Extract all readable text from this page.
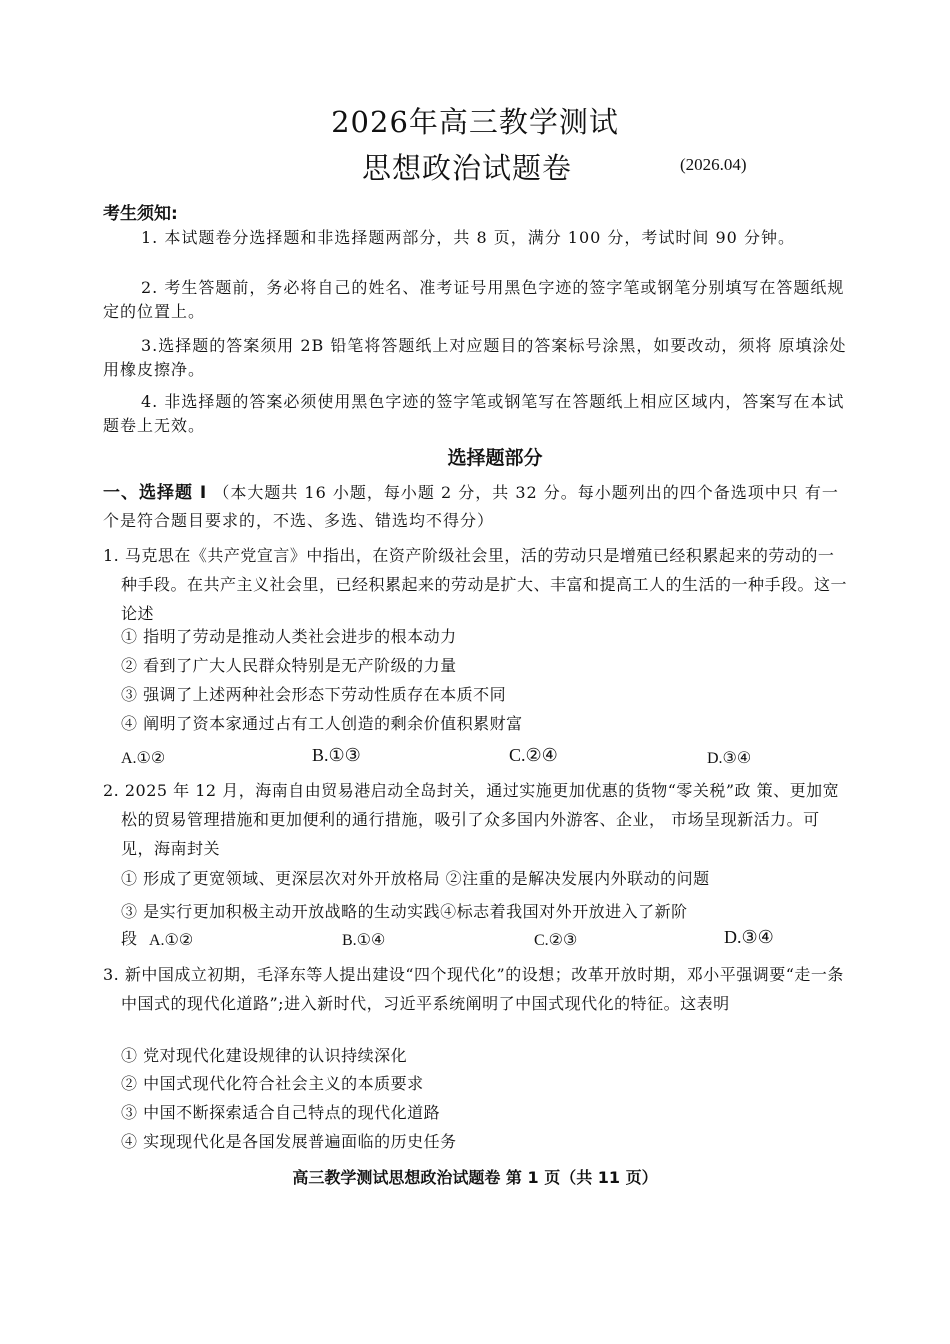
2026年高三教学测试
思想政治试题卷	(2026.04)
考生须知:
1. 本试题卷分选择题和非选择题两部分，共 8 页，满分 100 分，考试时间 90 分钟。
2. 考生答题前，务必将自己的姓名、准考证号用黑色字迹的签字笔或钢笔分别填写在答题纸规定的位置上。
3.选择题的答案须用 2B 铅笔将答题纸上对应题目的答案标号涂黑，如要改动，须将 原填涂处用橡皮擦净。
4. 非选择题的答案必须使用黑色字迹的签字笔或钢笔写在答题纸上相应区域内，答案写在本试题卷上无效。
选择题部分
一、选择题 I （本大题共 16 小题，每小题 2 分，共 32 分。每小题列出的四个备选项中只 有一个是符合题目要求的，不选、多选、错选均不得分）
1. 马克思在《共产党宣言》中指出，在资产阶级社会里，活的劳动只是增殖已经积累起来的劳动的一种手段。在共产主义社会里，已经积累起来的劳动是扩大、丰富和提高工人的生活的一种手段。这一论述
① 指明了劳动是推动人类社会进步的根本动力
② 看到了广大人民群众特别是无产阶级的力量
③ 强调了上述两种社会形态下劳动性质存在本质不同
④ 阐明了资本家通过占有工人创造的剩余价值积累财富
A.①②	B.①③	C.②④	D.③④
2. 2025 年 12 月，海南自由贸易港启动全岛封关，通过实施更加优惠的货物“零关税”政 策、更加宽松的贸易管理措施和更加便利的通行措施，吸引了众多国内外游客、企业， 市场呈现新活力。可见，海南封关
① 形成了更宽领域、更深层次对外开放格局 ②注重的是解决发展内外联动的问题
③ 是实行更加积极主动开放战略的生动实践④标志着我国对外开放进入了新阶
段 A.①②	B.①④	C.②③	D.③④
3. 新中国成立初期，毛泽东等人提出建设“四个现代化”的设想；改革开放时期，邓小平强调要“走一条中国式的现代化道路”;进入新时代，习近平系统阐明了中国式现代化的特征。这表明
① 党对现代化建设规律的认识持续深化
② 中国式现代化符合社会主义的本质要求
③ 中国不断探索适合自己特点的现代化道路
④ 实现现代化是各国发展普遍面临的历史任务
高三教学测试思想政治试题卷 第 1 页（共 11 页）
